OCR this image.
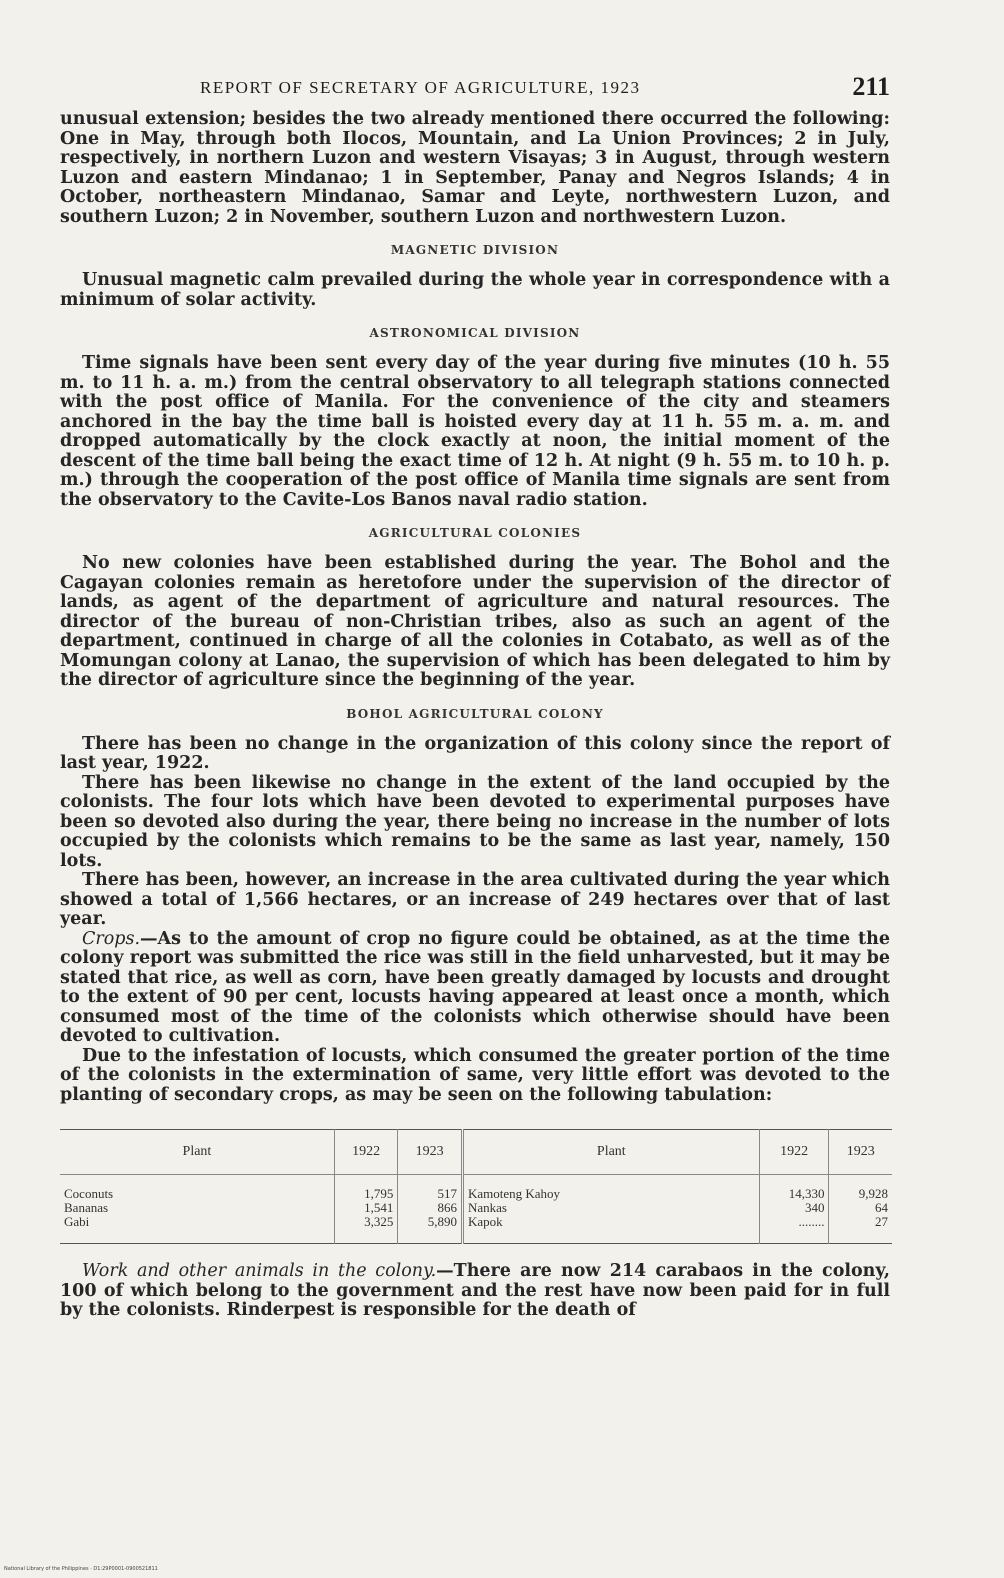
REPORT OF SECRETARY OF AGRICULTURE, 1923	211

unusual extension; besides the two already mentioned there occurred the following: One in May, through both Ilocos, Mountain, and La Union Provinces; 2 in July, respectively, in northern Luzon and western Visayas; 3 in August, through western Luzon and eastern Mindanao; 1 in September, Panay and Negros Islands; 4 in October, northeastern Mindanao, Samar and Leyte, northwestern Luzon, and southern Luzon; 2 in November, southern Luzon and northwestern Luzon.

MAGNETIC DIVISION

Unusual magnetic calm prevailed during the whole year in correspondence with a minimum of solar activity.

ASTRONOMICAL DIVISION

Time signals have been sent every day of the year during five minutes (10 h. 55 m. to 11 h. a. m.) from the central observatory to all telegraph stations connected with the post office of Manila. For the convenience of the city and steamers anchored in the bay the time ball is hoisted every day at 11 h. 55 m. a. m. and dropped automatically by the clock exactly at noon, the initial moment of the descent of the time ball being the exact time of 12 h. At night (9 h. 55 m. to 10 h. p. m.) through the cooperation of the post office of Manila time signals are sent from the observatory to the Cavite-Los Banos naval radio station.

AGRICULTURAL COLONIES

No new colonies have been established during the year. The Bohol and the Cagayan colonies remain as heretofore under the supervision of the director of lands, as agent of the department of agriculture and natural resources. The director of the bureau of non-Christian tribes, also as such an agent of the department, continued in charge of all the colonies in Cotabato, as well as of the Momungan colony at Lanao, the supervision of which has been delegated to him by the director of agriculture since the beginning of the year.

BOHOL AGRICULTURAL COLONY

There has been no change in the organization of this colony since the report of last year, 1922.

There has been likewise no change in the extent of the land occupied by the colonists. The four lots which have been devoted to experimental purposes have been so devoted also during the year, there being no increase in the number of lots occupied by the colonists which remains to be the same as last year, namely, 150 lots.

There has been, however, an increase in the area cultivated during the year which showed a total of 1,566 hectares, or an increase of 249 hectares over that of last year.

Crops.—As to the amount of crop no figure could be obtained, as at the time the colony report was submitted the rice was still in the field unharvested, but it may be stated that rice, as well as corn, have been greatly damaged by locusts and drought to the extent of 90 per cent, locusts having appeared at least once a month, which consumed most of the time of the colonists which otherwise should have been devoted to cultivation.

Due to the infestation of locusts, which consumed the greater portion of the time of the colonists in the extermination of same, very little effort was devoted to the planting of secondary crops, as may be seen on the following tabulation:

Plant	1922	1923	Plant	1922	1923
Coconuts	1,795	517	Kamoteng Kahoy	14,330	9,928
Bananas	1,541	866	Nankas	340	64
Gabi	3,325	5,890	Kapok	........	27

Work and other animals in the colony.—There are now 214 carabaos in the colony, 100 of which belong to the government and the rest have now been paid for in full by the colonists. Rinderpest is responsible for the death of

National Library of the Philippines · D1:29P0001-0900521811
